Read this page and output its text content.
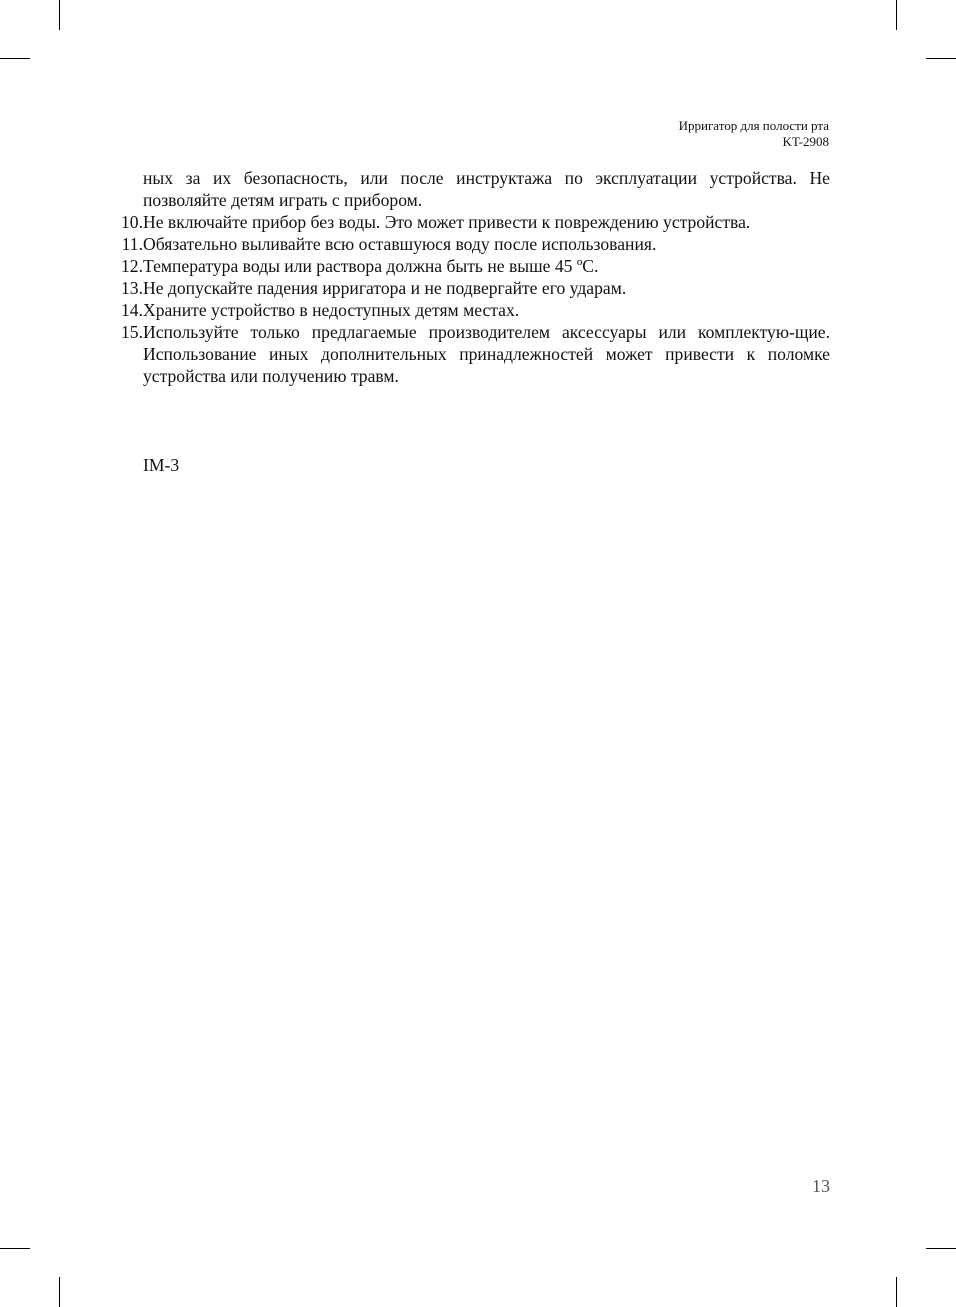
Ирригатор для полости рта
KT-2908
ных за их безопасность, или после инструктажа по эксплуатации устройства. Не позволяйте детям играть с прибором.
10. Не включайте прибор без воды. Это может привести к повреждению устройства.
11. Обязательно выливайте всю оставшуюся воду после использования.
12. Температура воды или раствора должна быть не выше 45 ºС.
13. Не допускайте падения ирригатора и не подвергайте его ударам.
14. Храните устройство в недоступных детям местах.
15. Используйте только предлагаемые производителем аксессуары или комплектую-щие. Использование иных дополнительных принадлежностей может привести к поломке устройства или получению травм.
IM-3
13
